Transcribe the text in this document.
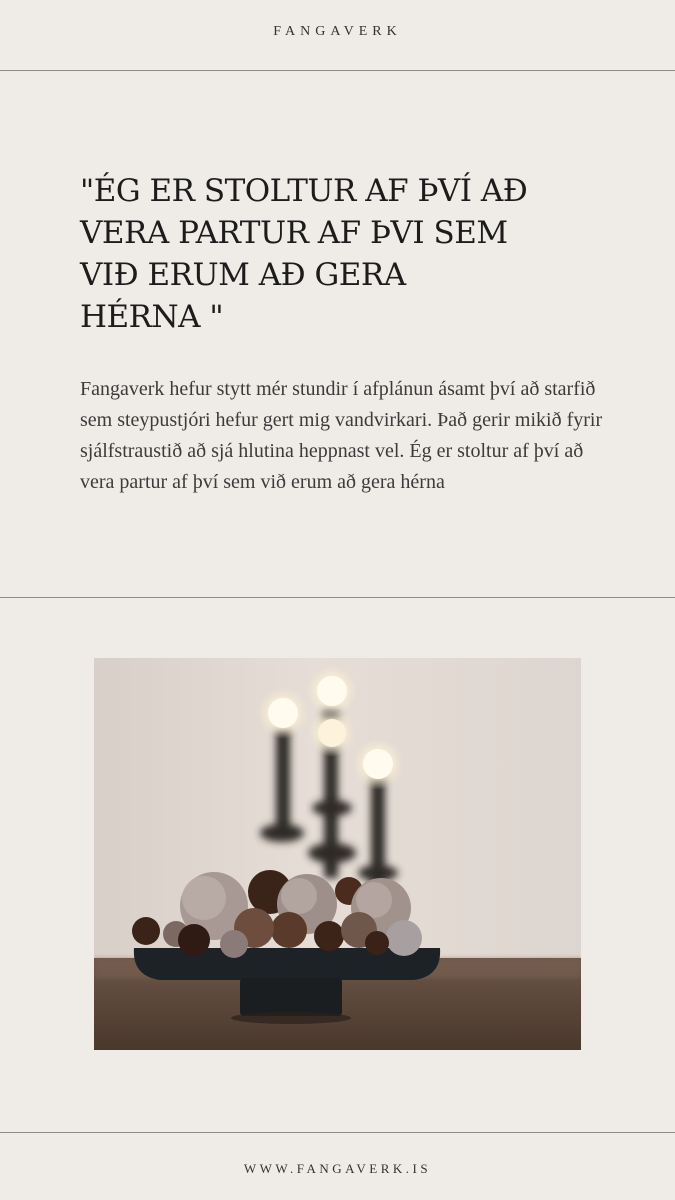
FANGAVERK
"ÉG ER STOLTUR AF ÞVÍ AÐ
VERA PARTUR AF ÞVI SEM
VIÐ ERUM AÐ GERA
HÉRNA "

Fangaverk hefur stytt mér stundir í afplánun ásamt því að starfið sem steypustjóri hefur gert mig vandvirkari. Það gerir mikið fyrir sjálfstraustið að sjá hlutina heppnast vel. Ég er stoltur af því að vera partur af því sem við erum að gera hérna

WWW.FANGAVERK.IS
